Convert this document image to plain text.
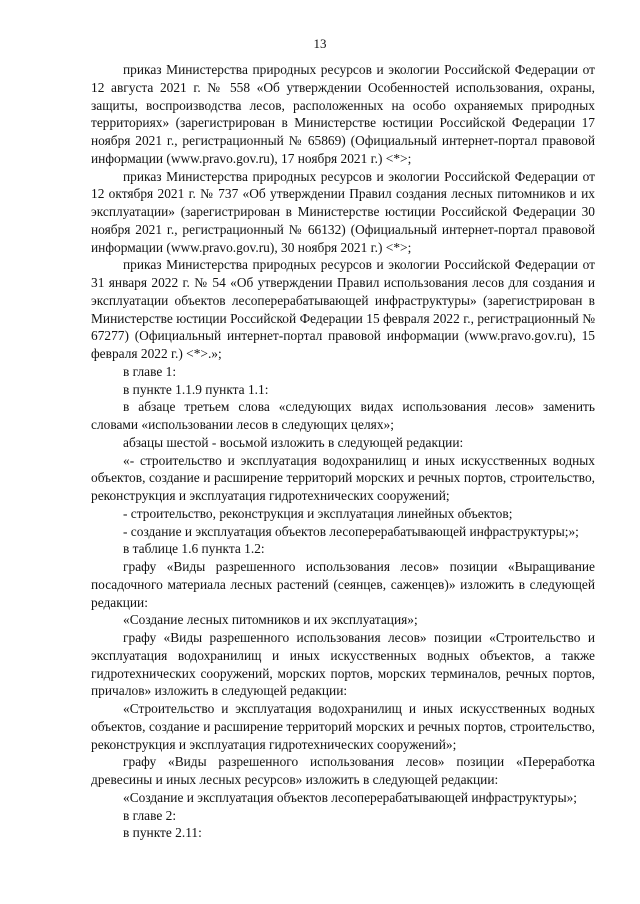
13

приказ Министерства природных ресурсов и экологии Российской Федерации от 12 августа 2021 г. № 558 «Об утверждении Особенностей использования, охраны, защиты, воспроизводства лесов, расположенных на особо охраняемых природных территориях» (зарегистрирован в Министерстве юстиции Российской Федерации 17 ноября 2021 г., регистрационный № 65869) (Официальный интернет-портал правовой информации (www.pravo.gov.ru), 17 ноября 2021 г.) <*>;

приказ Министерства природных ресурсов и экологии Российской Федерации от 12 октября 2021 г. № 737 «Об утверждении Правил создания лесных питомников и их эксплуатации» (зарегистрирован в Министерстве юстиции Российской Федерации 30 ноября 2021 г., регистрационный № 66132) (Официальный интернет-портал правовой информации (www.pravo.gov.ru), 30 ноября 2021 г.) <*>;

приказ Министерства природных ресурсов и экологии Российской Федерации от 31 января 2022 г. № 54 «Об утверждении Правил использования лесов для создания и эксплуатации объектов лесоперерабатывающей инфраструктуры» (зарегистрирован в Министерстве юстиции Российской Федерации 15 февраля 2022 г., регистрационный № 67277) (Официальный интернет-портал правовой информации (www.pravo.gov.ru), 15 февраля 2022 г.) <*>.»;

в главе 1:

в пункте 1.1.9 пункта 1.1:

в абзаце третьем слова «следующих видах использования лесов» заменить словами «использовании лесов в следующих целях»;

абзацы шестой - восьмой изложить в следующей редакции:

«- строительство и эксплуатация водохранилищ и иных искусственных водных объектов, создание и расширение территорий морских и речных портов, строительство, реконструкция и эксплуатация гидротехнических сооружений;

- строительство, реконструкция и эксплуатация линейных объектов;

- создание и эксплуатация объектов лесоперерабатывающей инфраструктуры;»;

в таблице 1.6 пункта 1.2:

графу «Виды разрешенного использования лесов» позиции «Выращивание посадочного материала лесных растений (сеянцев, саженцев)» изложить в следующей редакции:

«Создание лесных питомников и их эксплуатация»;

графу «Виды разрешенного использования лесов» позиции «Строительство и эксплуатация водохранилищ и иных искусственных водных объектов, а также гидротехнических сооружений, морских портов, морских терминалов, речных портов, причалов» изложить в следующей редакции:

«Строительство и эксплуатация водохранилищ и иных искусственных водных объектов, создание и расширение территорий морских и речных портов, строительство, реконструкция и эксплуатация гидротехнических сооружений»;

графу «Виды разрешенного использования лесов» позиции «Переработка древесины и иных лесных ресурсов» изложить в следующей редакции:

«Создание и эксплуатация объектов лесоперерабатывающей инфраструктуры»;

в главе 2:

в пункте 2.11:
